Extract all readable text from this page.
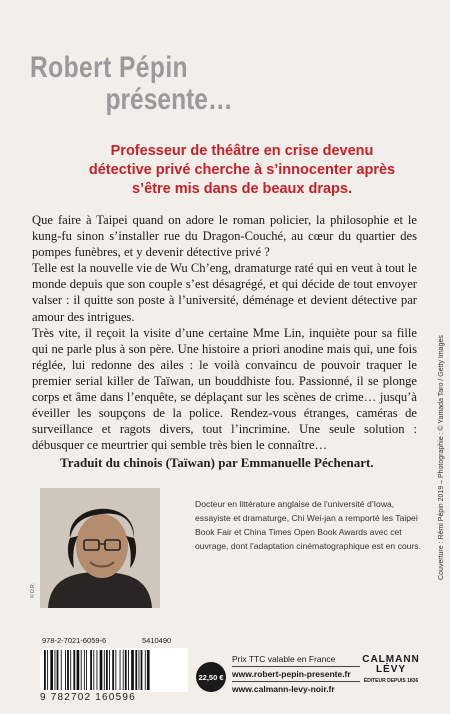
Robert Pépin
présente…
Professeur de théâtre en crise devenu détective privé cherche à s’innocenter après s’être mis dans de beaux draps.

Que faire à Taipei quand on adore le roman policier, la philosophie et le kung-fu sinon s’installer rue du Dragon-Couché, au cœur du quartier des pompes funèbres, et y devenir détective privé ?

Telle est la nouvelle vie de Wu Ch’eng, dramaturge raté qui en veut à tout le monde depuis que son couple s’est désagrégé, et qui décide de tout envoyer valser : il quitte son poste à l’université, déménage et devient détective par amour des intrigues.

Très vite, il reçoit la visite d’une certaine Mme Lin, inquiète pour sa fille qui ne parle plus à son père. Une histoire a priori anodine mais qui, une fois réglée, lui redonne des ailes : le voilà convaincu de pouvoir traquer le premier serial killer de Taïwan, un bouddhiste fou. Passionné, il se plonge corps et âme dans l’enquête, se déplaçant sur les scènes de crime… jusqu’à éveiller les soupçons de la police. Rendez-vous étranges, caméras de surveillance et ragots divers, tout l’incrimine. Une seule solution : débusquer ce meurtrier qui semble très bien le connaître…

Traduit du chinois (Taïwan) par Emmanuelle Péchenart.
© D.R.
Docteur en littérature anglaise de l’université d’Iowa, essayiste et dramaturge, Chi Wei-jan a remporté les Taipei Book Fair et China Times Open Book Awards avec cet ouvrage, dont l’adaptation cinématographique est en cours.
978-2-7021-6059-6	5410490
9 782702 160596
22,50 €
Prix TTC valable en France
www.robert-pepin-presente.fr
www.calmann-levy-noir.fr
CALMANN
LÉVY
ÉDITEUR DEPUIS 1836
Couverture : Rémi Pépin 2019 – Photographie : © Yamada Taro / Getty Images
